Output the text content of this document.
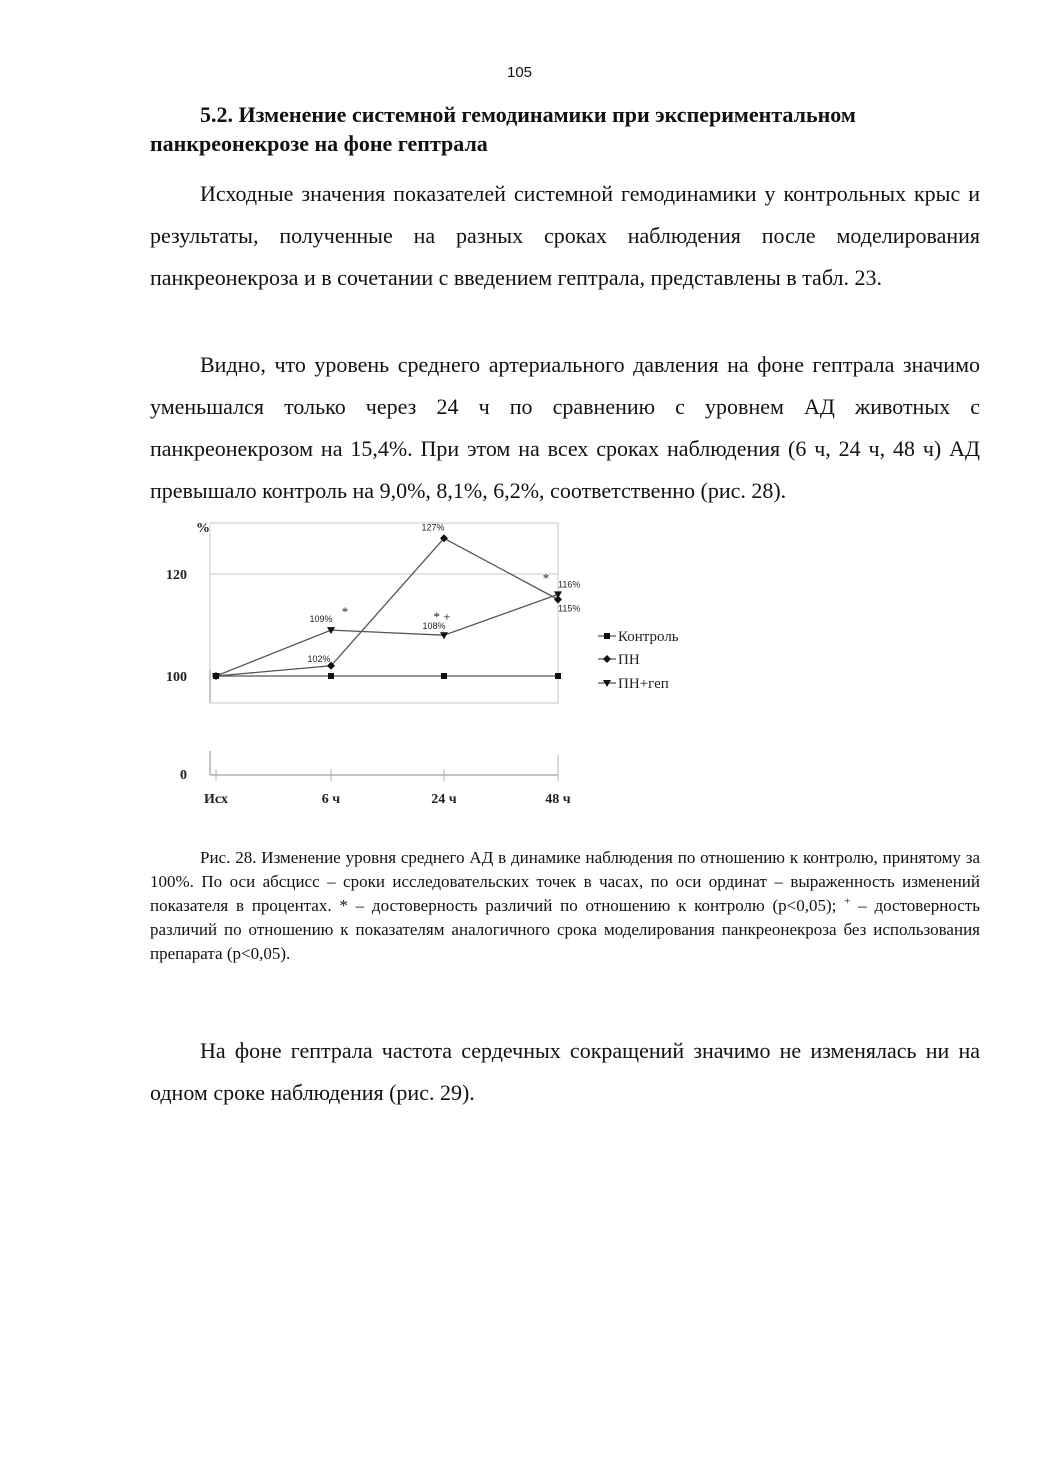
105
5.2. Изменение системной гемодинамики при экспериментальном панкреонекрозе на фоне гептрала

Исходные значения показателей системной гемодинамики у контрольных крыс и результаты, полученные на разных сроках наблюдения после моделирования панкреонекроза и в сочетании с введением гептрала, представлены в табл. 23.

Видно, что уровень среднего артериального давления на фоне гептрала значимо уменьшался только через 24 ч по сравнению с уровнем АД животных с панкреонекрозом на 15,4%. При этом на всех сроках наблюдения (6 ч, 24 ч, 48 ч) АД превышало контроль на 9,0%, 8,1%, 6,2%, соответственно (рис. 28).

%
120
100
0
Исх	6 ч	24 ч	48 ч
102%
127%
115%
109%
108%
116%
*	* +
*
Контроль
ПН
ПН+геп

Рис. 28. Изменение уровня среднего АД в динамике наблюдения по отношению к контролю, принятому за 100%. По оси абсцисс – сроки исследовательских точек в часах, по оси ординат – выраженность изменений показателя в процентах. * – достоверность различий по отношению к контролю (р<0,05); + – достоверность различий по отношению к показателям аналогичного срока моделирования панкреонекроза без использования препарата (р<0,05).

На фоне гептрала частота сердечных сокращений значимо не изменялась ни на одном сроке наблюдения (рис. 29).
